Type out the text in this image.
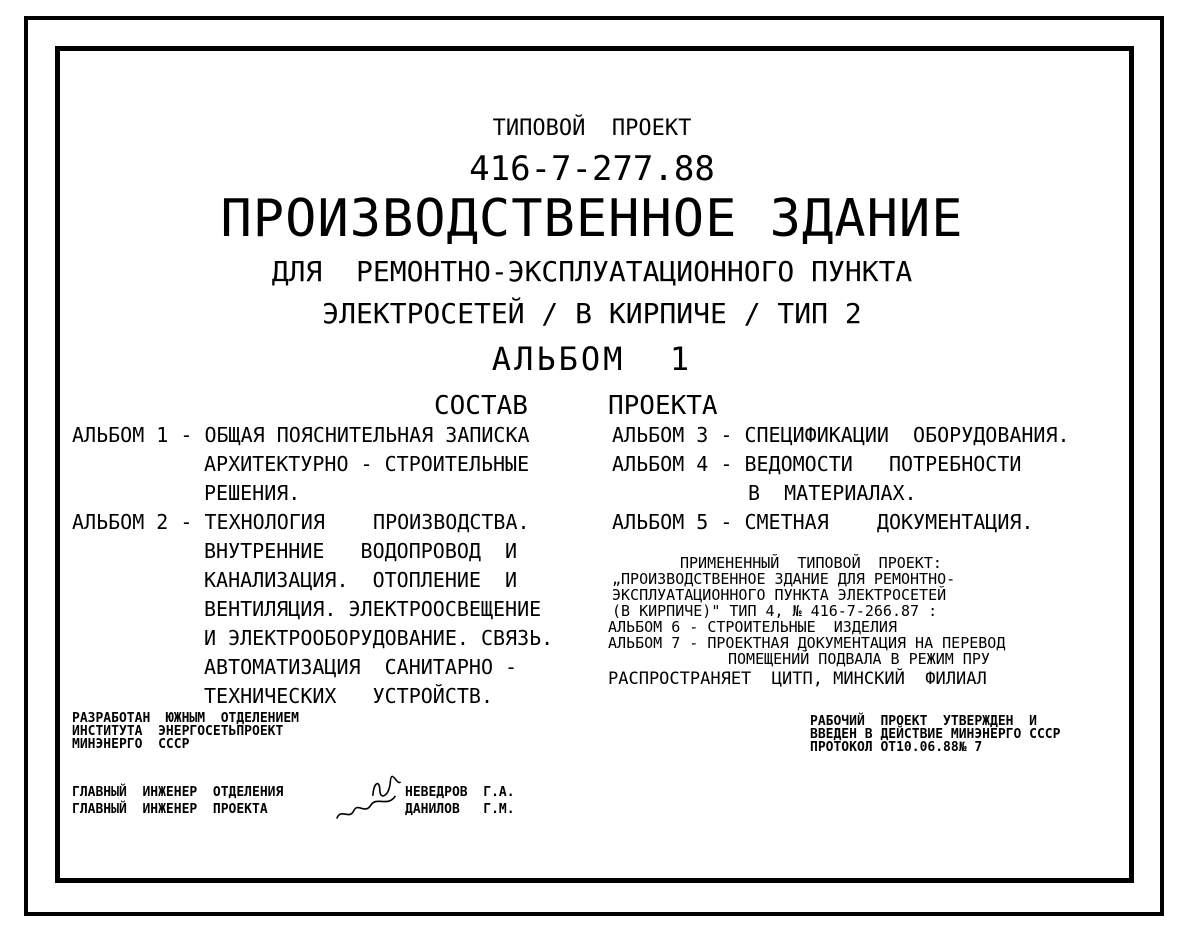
ТИПОВОЙ  ПРОЕКТ
416-7-277.88
ПРОИЗВОДСТВЕННОЕ ЗДАНИЕ
ДЛЯ  РЕМОНТНО-ЭКСПЛУАТАЦИОННОГО ПУНКТА
ЭЛЕКТРОСЕТЕЙ / В КИРПИЧЕ / ТИП 2
АЛЬБОМ  1
СОСТАВ	ПРОЕКТА
АЛЬБОМ 1 - ОБЩАЯ ПОЯСНИТЕЛЬНАЯ ЗАПИСКА
АРХИТЕКТУРНО - СТРОИТЕЛЬНЫЕ
РЕШЕНИЯ.
АЛЬБОМ 2 - ТЕХНОЛОГИЯ    ПРОИЗВОДСТВА.
ВНУТРЕННИЕ   ВОДОПРОВОД  И
КАНАЛИЗАЦИЯ.  ОТОПЛЕНИЕ  И
ВЕНТИЛЯЦИЯ. ЭЛЕКТРООСВЕЩЕНИЕ
И ЭЛЕКТРООБОРУДОВАНИЕ. СВЯЗЬ.
АВТОМАТИЗАЦИЯ  САНИТАРНО -
ТЕХНИЧЕСКИХ   УСТРОЙСТВ.
АЛЬБОМ 3 - СПЕЦИФИКАЦИИ  ОБОРУДОВАНИЯ.
АЛЬБОМ 4 - ВЕДОМОСТИ   ПОТРЕБНОСТИ
В  МАТЕРИАЛАХ.
АЛЬБОМ 5 - СМЕТНАЯ    ДОКУМЕНТАЦИЯ.
ПРИМЕНЕННЫЙ  ТИПОВОЙ  ПРОЕКТ:
„ПРОИЗВОДСТВЕННОЕ ЗДАНИЕ ДЛЯ РЕМОНТНО-
ЭКСПЛУАТАЦИОННОГО ПУНКТА ЭЛЕКТРОСЕТЕЙ
(В КИРПИЧЕ)" ТИП 4, № 416-7-266.87 :
АЛЬБОМ 6 - СТРОИТЕЛЬНЫЕ  ИЗДЕЛИЯ
АЛЬБОМ 7 - ПРОЕКТНАЯ ДОКУМЕНТАЦИЯ НА ПЕРЕВОД
ПОМЕЩЕНИЙ ПОДВАЛА В РЕЖИМ ПРУ
РАСПРОСТРАНЯЕТ  ЦИТП, МИНСКИЙ  ФИЛИАЛ
РАЗРАБОТАН  ЮЖНЫМ  ОТДЕЛЕНИЕМ
ИНСТИТУТА  ЭНЕРГОСЕТЬПРОЕКТ
МИНЭНЕРГО  СССР
РАБОЧИЙ  ПРОЕКТ  УТВЕРЖДЕН  И
ВВЕДЕН В ДЕЙСТВИЕ МИНЭНЕРГО СССР
ПРОТОКОЛ ОТ10.06.88№ 7
ГЛАВНЫЙ  ИНЖЕНЕР  ОТДЕЛЕНИЯ	НЕВЕДРОВ  Г.А.
ГЛАВНЫЙ  ИНЖЕНЕР  ПРОЕКТА	ДАНИЛОВ   Г.М.
